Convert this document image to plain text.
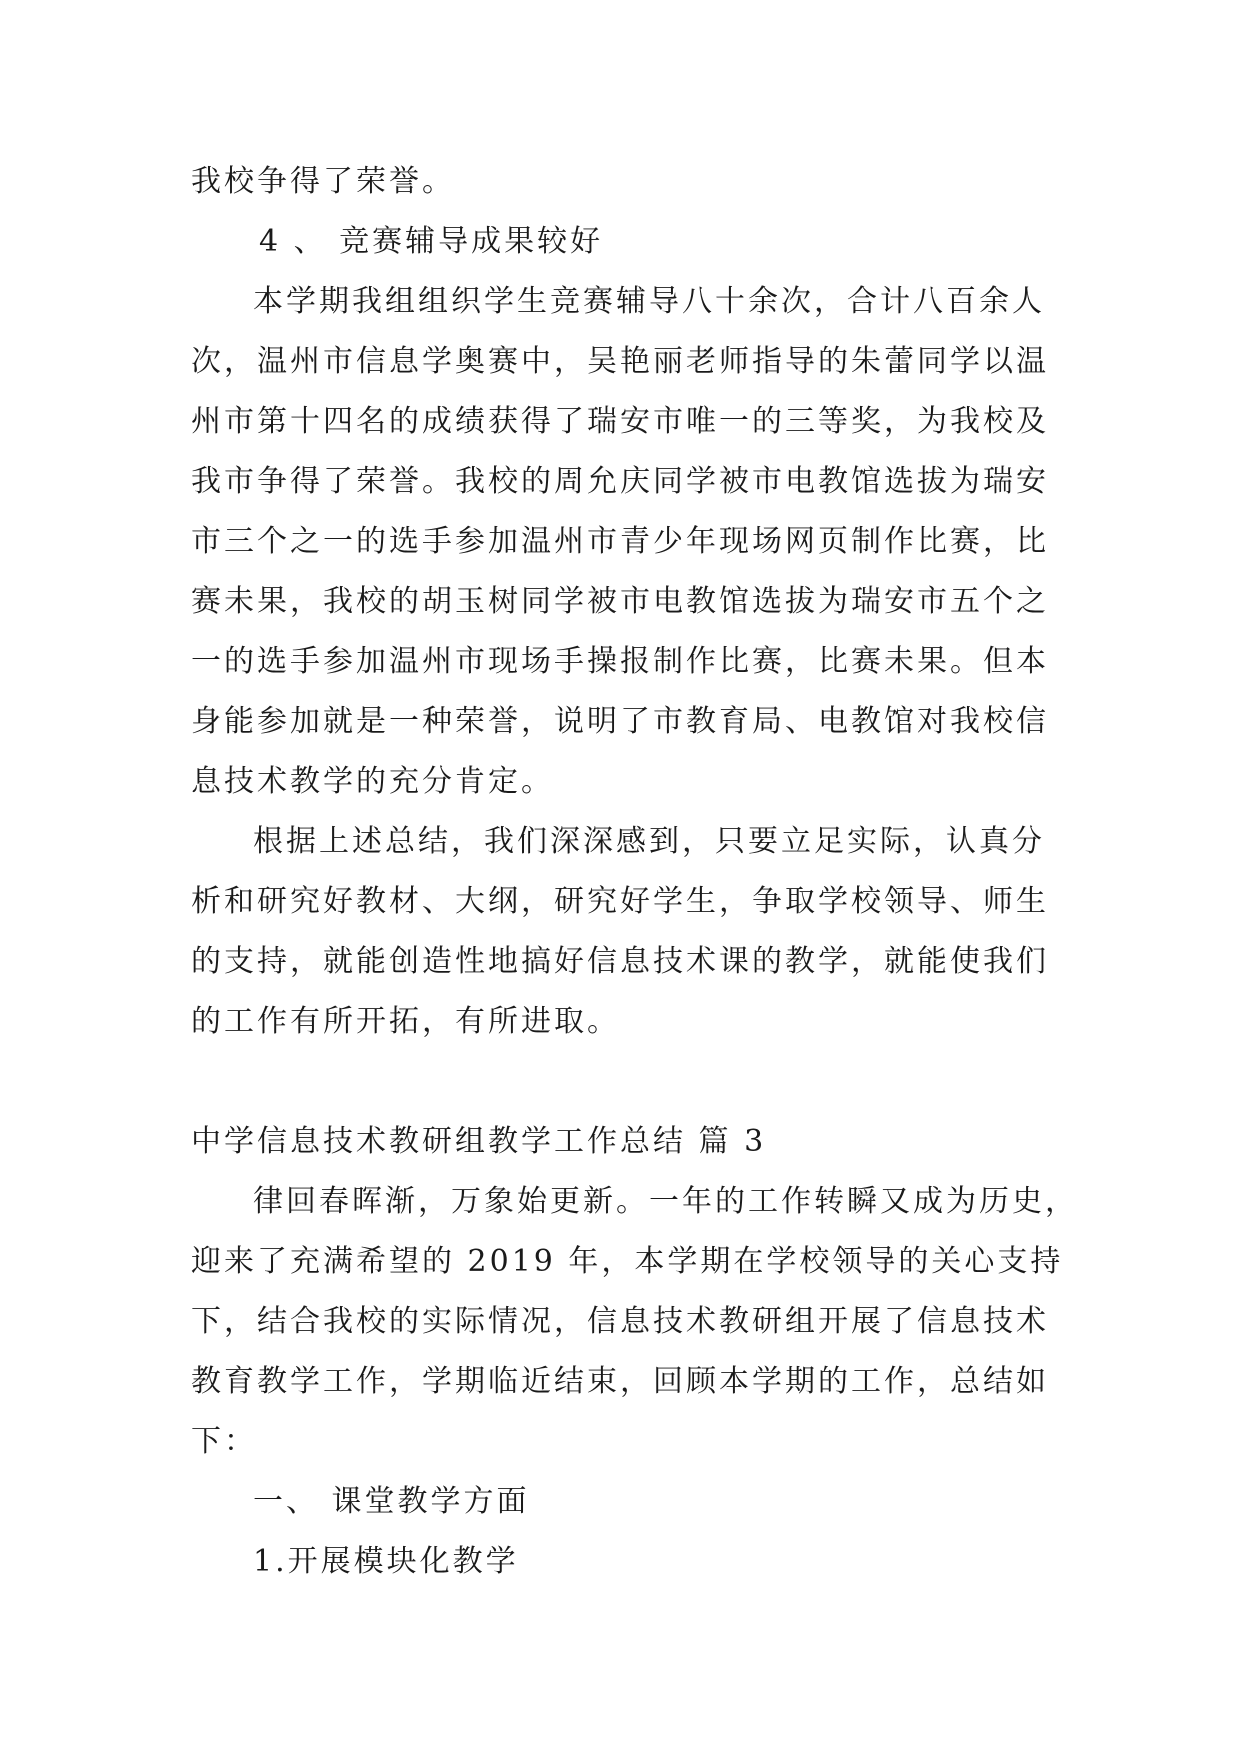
我校争得了荣誉。
4 、 竞赛辅导成果较好
本学期我组组织学生竞赛辅导八十余次，合计八百余人
次，温州市信息学奥赛中，吴艳丽老师指导的朱蕾同学以温
州市第十四名的成绩获得了瑞安市唯一的三等奖，为我校及
我市争得了荣誉。我校的周允庆同学被市电教馆选拔为瑞安
市三个之一的选手参加温州市青少年现场网页制作比赛，比
赛未果，我校的胡玉树同学被市电教馆选拔为瑞安市五个之
一的选手参加温州市现场手操报制作比赛，比赛未果。但本
身能参加就是一种荣誉，说明了市教育局、电教馆对我校信
息技术教学的充分肯定。
根据上述总结，我们深深感到，只要立足实际，认真分
析和研究好教材、大纲，研究好学生，争取学校领导、师生
的支持，就能创造性地搞好信息技术课的教学，就能使我们
的工作有所开拓，有所进取。
中学信息技术教研组教学工作总结 篇 3
律回春晖渐，万象始更新。一年的工作转瞬又成为历史，
迎来了充满希望的 2019 年，本学期在学校领导的关心支持
下，结合我校的实际情况，信息技术教研组开展了信息技术
教育教学工作，学期临近结束，回顾本学期的工作，总结如
下：
一、 课堂教学方面
1.开展模块化教学
